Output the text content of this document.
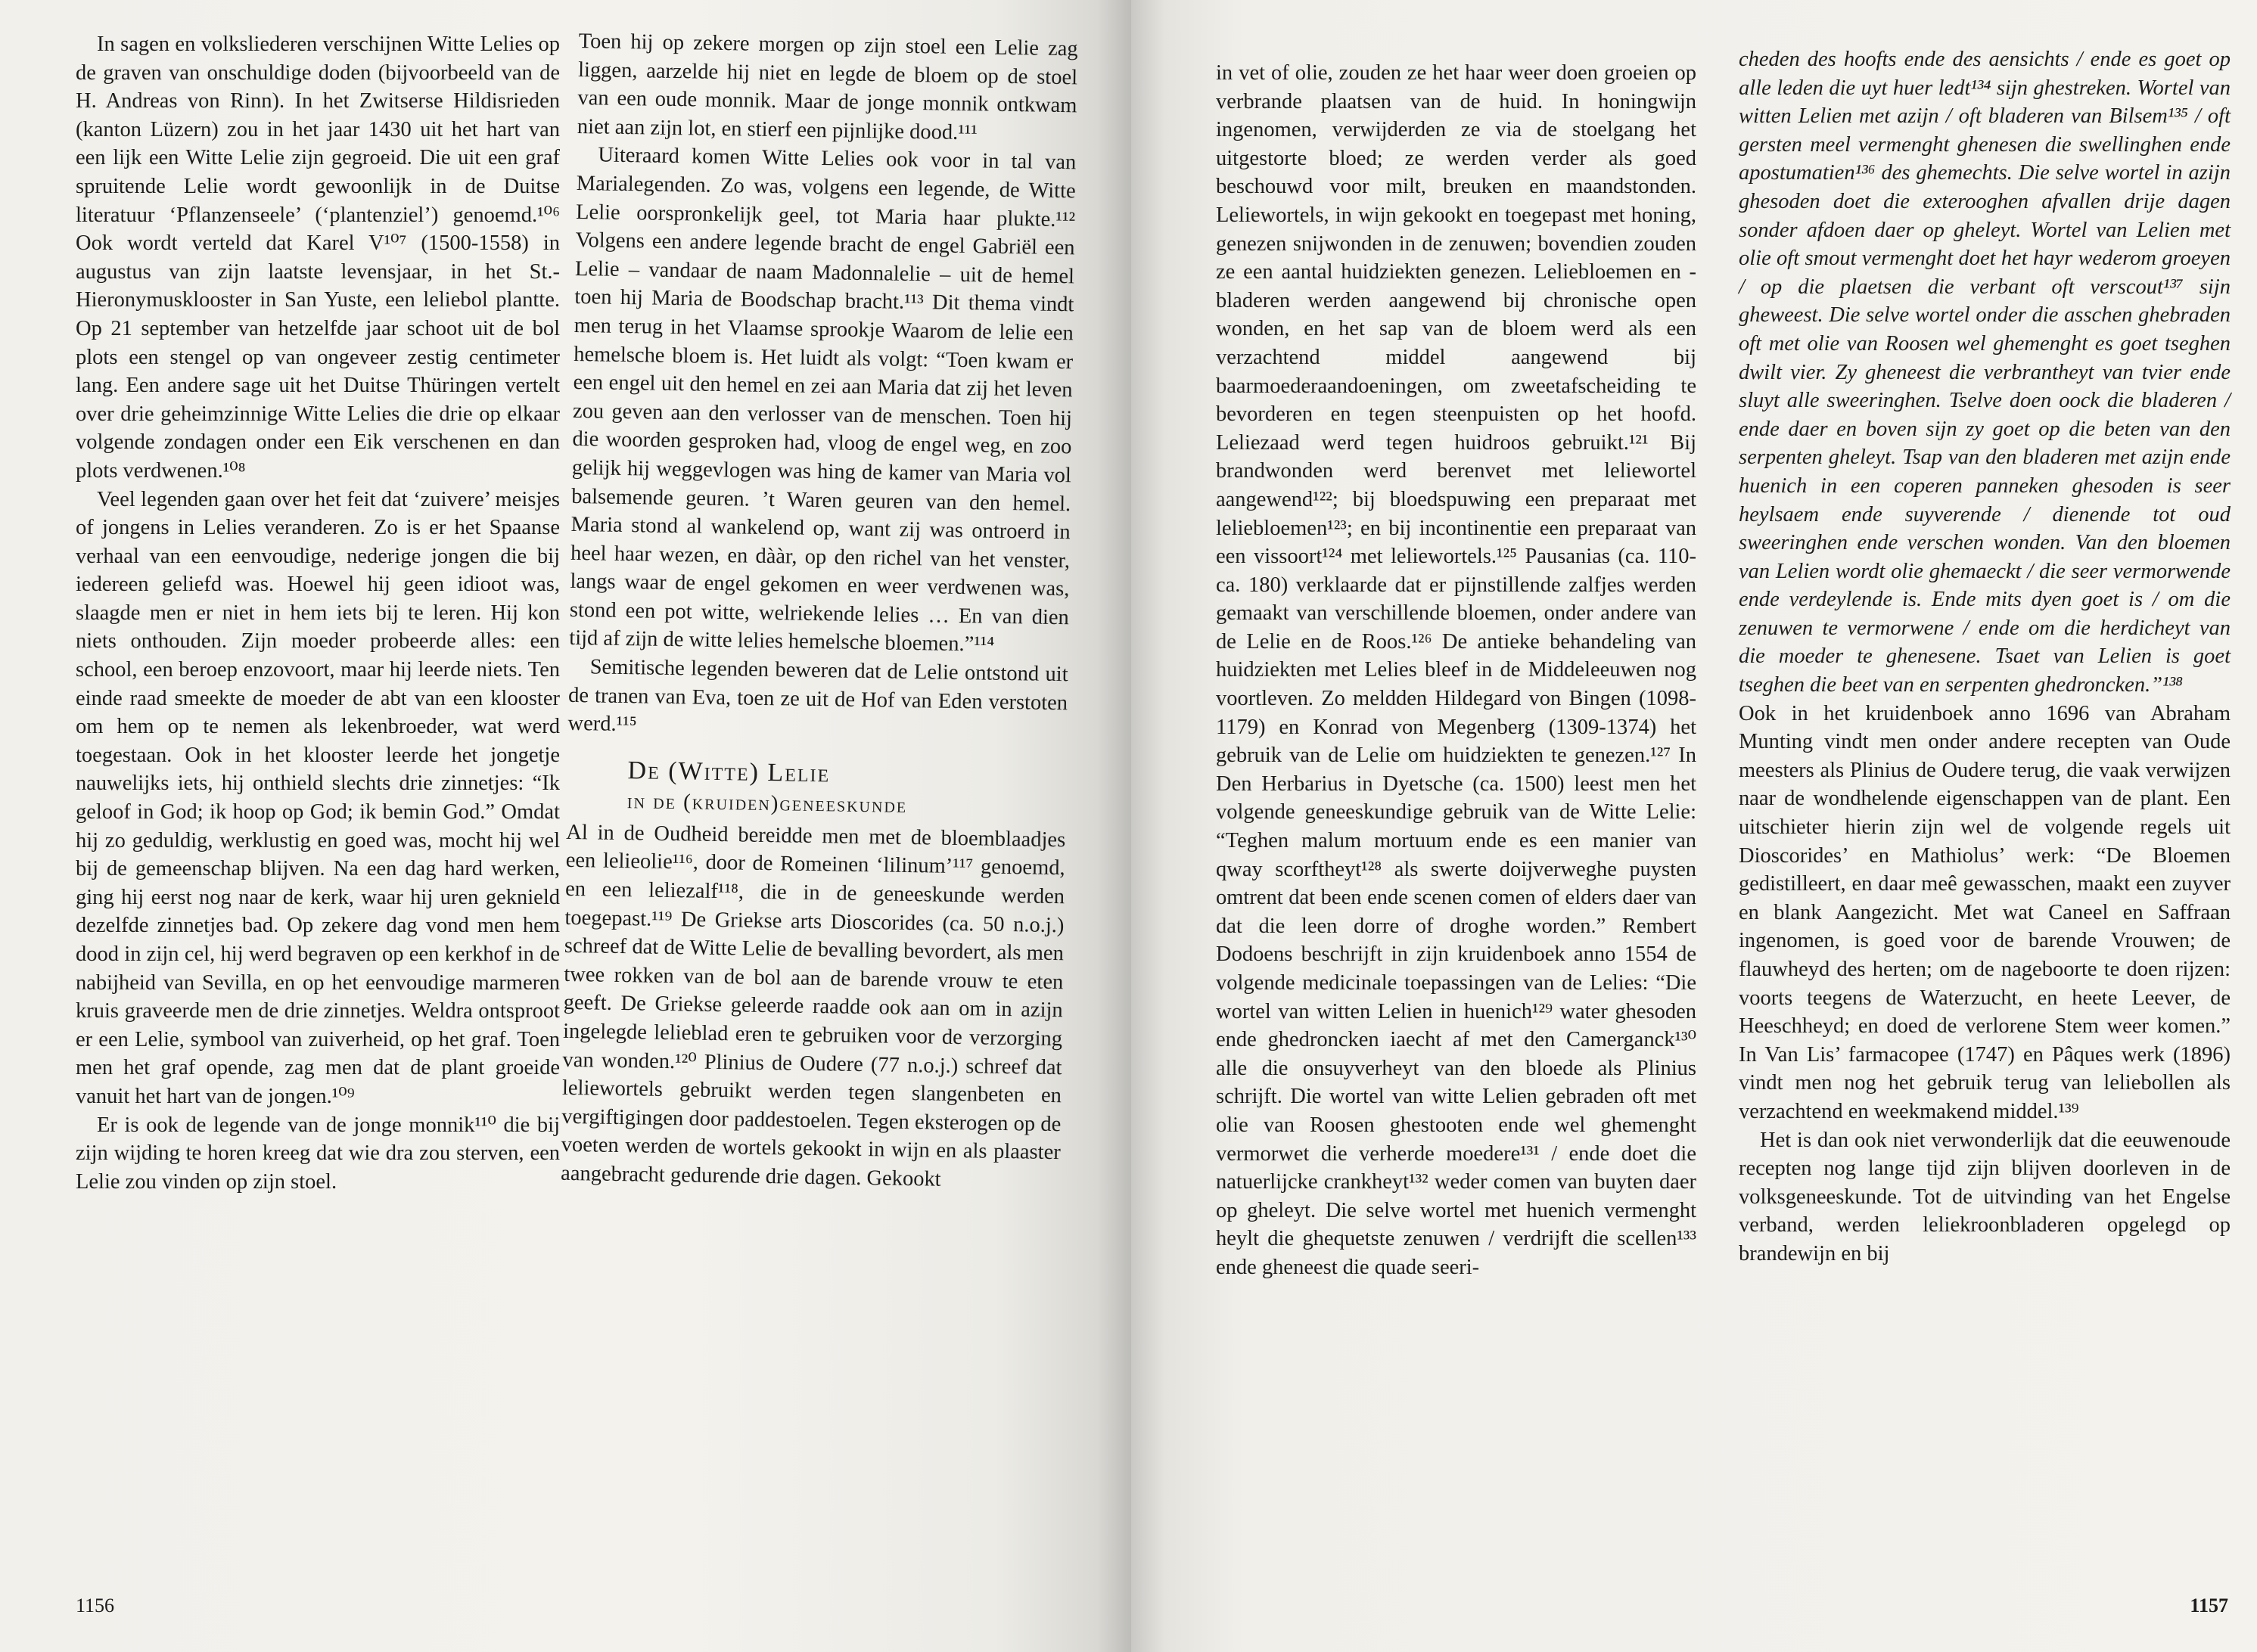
In sagen en volksliederen verschijnen Witte Lelies op de graven van onschuldige doden (bijvoorbeeld van de H. Andreas von Rinn). In het Zwitserse Hildisrieden (kanton Lüzern) zou in het jaar 1430 uit het hart van een lijk een Witte Lelie zijn gegroeid. Die uit een graf spruitende Lelie wordt gewoonlijk in de Duitse literatuur ‘Pflanzenseele’ (‘plantenziel’) genoemd.¹⁰⁶ Ook wordt verteld dat Karel V¹⁰⁷ (1500-1558) in augustus van zijn laatste levensjaar, in het St.-Hieronymusklooster in San Yuste, een leliebol plantte. Op 21 september van hetzelfde jaar schoot uit de bol plots een stengel op van ongeveer zestig centimeter lang. Een andere sage uit het Duitse Thüringen vertelt over drie geheimzinnige Witte Lelies die drie op elkaar volgende zondagen onder een Eik verschenen en dan plots verdwenen.¹⁰⁸

Veel legenden gaan over het feit dat ‘zuivere’ meisjes of jongens in Lelies veranderen. Zo is er het Spaanse verhaal van een eenvoudige, nederige jongen die bij iedereen geliefd was. Hoewel hij geen idioot was, slaagde men er niet in hem iets bij te leren. Hij kon niets onthouden. Zijn moeder probeerde alles: een school, een beroep enzovoort, maar hij leerde niets. Ten einde raad smeekte de moeder de abt van een klooster om hem op te nemen als lekenbroeder, wat werd toegestaan. Ook in het klooster leerde het jongetje nauwelijks iets, hij onthield slechts drie zinnetjes: “Ik geloof in God; ik hoop op God; ik bemin God.” Omdat hij zo geduldig, werklustig en goed was, mocht hij wel bij de gemeenschap blijven. Na een dag hard werken, ging hij eerst nog naar de kerk, waar hij uren geknield dezelfde zinnetjes bad. Op zekere dag vond men hem dood in zijn cel, hij werd begraven op een kerkhof in de nabijheid van Sevilla, en op het eenvoudige marmeren kruis graveerde men de drie zinnetjes. Weldra ontsproot er een Lelie, symbool van zuiverheid, op het graf. Toen men het graf opende, zag men dat de plant groeide vanuit het hart van de jongen.¹⁰⁹

Er is ook de legende van de jonge monnik¹¹⁰ die bij zijn wijding te horen kreeg dat wie dra zou sterven, een Lelie zou vinden op zijn stoel.

Toen hij op zekere morgen op zijn stoel een Lelie zag liggen, aarzelde hij niet en legde de bloem op de stoel van een oude monnik. Maar de jonge monnik ontkwam niet aan zijn lot, en stierf een pijnlijke dood.¹¹¹

Uiteraard komen Witte Lelies ook voor in tal van Marialegenden. Zo was, volgens een legende, de Witte Lelie oorspronkelijk geel, tot Maria haar plukte.¹¹² Volgens een andere legende bracht de engel Gabriël een Lelie – vandaar de naam Madonnalelie – uit de hemel toen hij Maria de Boodschap bracht.¹¹³ Dit thema vindt men terug in het Vlaamse sprookje Waarom de lelie een hemelsche bloem is. Het luidt als volgt: “Toen kwam er een engel uit den hemel en zei aan Maria dat zij het leven zou geven aan den verlosser van de menschen. Toen hij die woorden gesproken had, vloog de engel weg, en zoo gelijk hij weggevlogen was hing de kamer van Maria vol balsemende geuren. ’t Waren geuren van den hemel. Maria stond al wankelend op, want zij was ontroerd in heel haar wezen, en dààr, op den richel van het venster, langs waar de engel gekomen en weer verdwenen was, stond een pot witte, welriekende lelies … En van dien tijd af zijn de witte lelies hemelsche bloemen.”¹¹⁴

Semitische legenden beweren dat de Lelie ontstond uit de tranen van Eva, toen ze uit de Hof van Eden verstoten werd.¹¹⁵

De (Witte) Lelie
in de (kruiden)geneeskunde

Al in de Oudheid bereidde men met de bloemblaadjes een lelieolie¹¹⁶, door de Romeinen ‘lilinum’¹¹⁷ genoemd, en een leliezalf¹¹⁸, die in de geneeskunde werden toegepast.¹¹⁹ De Griekse arts Dioscorides (ca. 50 n.o.j.) schreef dat de Witte Lelie de bevalling bevordert, als men twee rokken van de bol aan de barende vrouw te eten geeft. De Griekse geleerde raadde ook aan om in azijn ingelegde lelieblad eren te gebruiken voor de verzorging van wonden.¹²⁰ Plinius de Oudere (77 n.o.j.) schreef dat leliewortels gebruikt werden tegen slangenbeten en vergiftigingen door paddestoelen. Tegen eksterogen op de voeten werden de wortels gekookt in wijn en als plaaster aangebracht gedurende drie dagen. Gekookt

1156

in vet of olie, zouden ze het haar weer doen groeien op verbrande plaatsen van de huid. In honingwijn ingenomen, verwijderden ze via de stoelgang het uitgestorte bloed; ze werden verder als goed beschouwd voor milt, breuken en maandstonden. Leliewortels, in wijn gekookt en toegepast met honing, genezen snijwonden in de zenuwen; bovendien zouden ze een aantal huidziekten genezen. Leliebloemen en -bladeren werden aangewend bij chronische open wonden, en het sap van de bloem werd als een verzachtend middel aangewend bij baarmoederaandoeningen, om zweetafscheiding te bevorderen en tegen steenpuisten op het hoofd. Leliezaad werd tegen huidroos gebruikt.¹²¹ Bij brandwonden werd berenvet met leliewortel aangewend¹²²; bij bloedspuwing een preparaat met leliebloemen¹²³; en bij incontinentie een preparaat van een vissoort¹²⁴ met leliewortels.¹²⁵ Pausanias (ca. 110-ca. 180) verklaarde dat er pijnstillende zalfjes werden gemaakt van verschillende bloemen, onder andere van de Lelie en de Roos.¹²⁶ De antieke behandeling van huidziekten met Lelies bleef in de Middeleeuwen nog voortleven. Zo meldden Hildegard von Bingen (1098-1179) en Konrad von Megenberg (1309-1374) het gebruik van de Lelie om huidziekten te genezen.¹²⁷ In Den Herbarius in Dyetsche (ca. 1500) leest men het volgende geneeskundige gebruik van de Witte Lelie: “Teghen malum mortuum ende es een manier van qway scorftheyt¹²⁸ als swerte doijverweghe puysten omtrent dat been ende scenen comen of elders daer van dat die leen dorre of droghe worden.” Rembert Dodoens beschrijft in zijn kruidenboek anno 1554 de volgende medicinale toepassingen van de Lelies: “Die wortel van witten Lelien in huenich¹²⁹ water ghesoden ende ghedroncken iaecht af met den Camerganck¹³⁰ alle die onsuyverheyt van den bloede als Plinius schrijft. Die wortel van witte Lelien gebraden oft met olie van Roosen ghestooten ende wel ghemenght vermorwet die verherde moedere¹³¹ / ende doet die natuerlijcke crankheyt¹³² weder comen van buyten daer op gheleyt. Die selve wortel met huenich vermenght heylt die ghequetste zenuwen / verdrijft die scellen¹³³ ende gheneest die quade seeri-

cheden des hoofts ende des aensichts / ende es goet op alle leden die uyt huer ledt¹³⁴ sijn ghestreken. Wortel van witten Lelien met azijn / oft bladeren van Bilsem¹³⁵ / oft gersten meel vermenght ghenesen die swellinghen ende apostumatien¹³⁶ des ghemechts. Die selve wortel in azijn ghesoden doet die exterooghen afvallen drije dagen sonder afdoen daer op gheleyt. Wortel van Lelien met olie oft smout vermenght doet het hayr wederom groeyen / op die plaetsen die verbant oft verscout¹³⁷ sijn gheweest. Die selve wortel onder die asschen ghebraden oft met olie van Roosen wel ghemenght es goet tseghen dwilt vier. Zy gheneest die verbrantheyt van tvier ende sluyt alle sweeringhen. Tselve doen oock die bladeren / ende daer en boven sijn zy goet op die beten van den serpenten gheleyt. Tsap van den bladeren met azijn ende huenich in een coperen panneken ghesoden is seer heylsaem ende suyverende / dienende tot oud sweeringhen ende verschen wonden. Van den bloemen van Lelien wordt olie ghemaeckt / die seer vermorwende ende verdeylende is. Ende mits dyen goet is / om die zenuwen te vermorwene / ende om die herdicheyt van die moeder te ghenesene. Tsaet van Lelien is goet tseghen die beet van en serpenten ghedroncken.”¹³⁸

Ook in het kruidenboek anno 1696 van Abraham Munting vindt men onder andere recepten van Oude meesters als Plinius de Oudere terug, die vaak verwijzen naar de wondhelende eigenschappen van de plant. Een uitschieter hierin zijn wel de volgende regels uit Dioscorides’ en Mathiolus’ werk: “De Bloemen gedistilleert, en daar meê gewasschen, maakt een zuyver en blank Aangezicht. Met wat Caneel en Saffraan ingenomen, is goed voor de barende Vrouwen; de flauwheyd des herten; om de nageboorte te doen rijzen: voorts teegens de Waterzucht, en heete Leever, de Heeschheyd; en doed de verlorene Stem weer komen.” In Van Lis’ farmacopee (1747) en Pâques werk (1896) vindt men nog het gebruik terug van leliebollen als verzachtend en weekmakend middel.¹³⁹

Het is dan ook niet verwonderlijk dat die eeuwenoude recepten nog lange tijd zijn blijven doorleven in de volksgeneeskunde. Tot de uitvinding van het Engelse verband, werden leliekroonbladeren opgelegd op brandewijn en bij

1157
